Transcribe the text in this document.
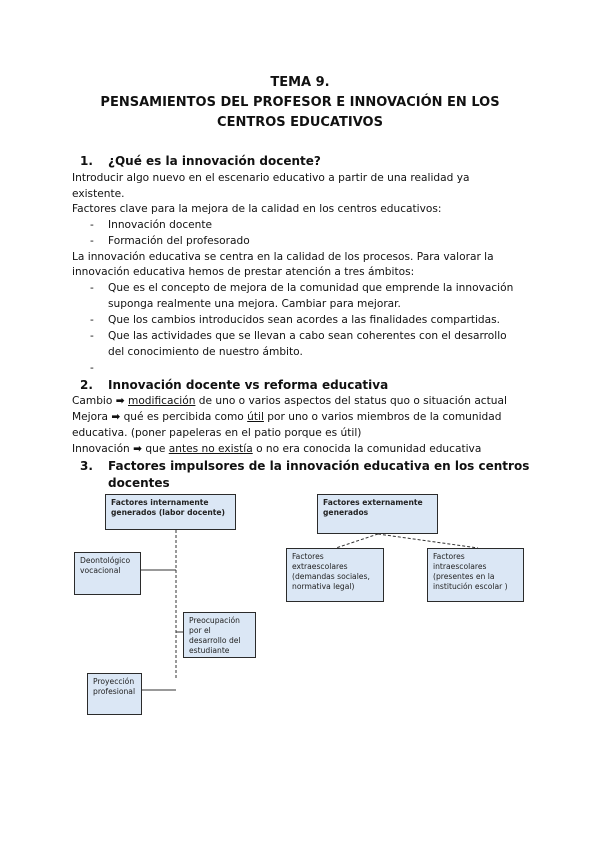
TEMA 9.
PENSAMIENTOS DEL PROFESOR E INNOVACIÓN EN LOS
CENTROS EDUCATIVOS
1. ¿Qué es la innovación docente?
Introducir algo nuevo en el escenario educativo a partir de una realidad ya
existente.
Factores clave para la mejora de la calidad en los centros educativos:
- Innovación docente
- Formación del profesorado
La innovación educativa se centra en la calidad de los procesos. Para valorar la
innovación educativa hemos de prestar atención a tres ámbitos:
- Que es el concepto de mejora de la comunidad que emprende la innovación
suponga realmente una mejora. Cambiar para mejorar.
- Que los cambios introducidos sean acordes a las finalidades compartidas.
- Que las actividades que se llevan a cabo sean coherentes con el desarrollo
del conocimiento de nuestro ámbito.
-
2. Innovación docente vs reforma educativa
Cambio ➡ modificación de uno o varios aspectos del status quo o situación actual
Mejora ➡ qué es percibida como útil por uno o varios miembros de la comunidad
educativa. (poner papeleras en el patio porque es útil)
Innovación ➡ que antes no existía o no era conocida la comunidad educativa
3. Factores impulsores de la innovación educativa en los centros
docentes
Factores internamente generados (labor docente)
Factores externamente generados
Deontológico vocacional
Preocupación por el desarrollo del estudiante
Proyección profesional
Factores extraescolares (demandas sociales, normativa legal)
Factores intraescolares (presentes en la institución escolar )
